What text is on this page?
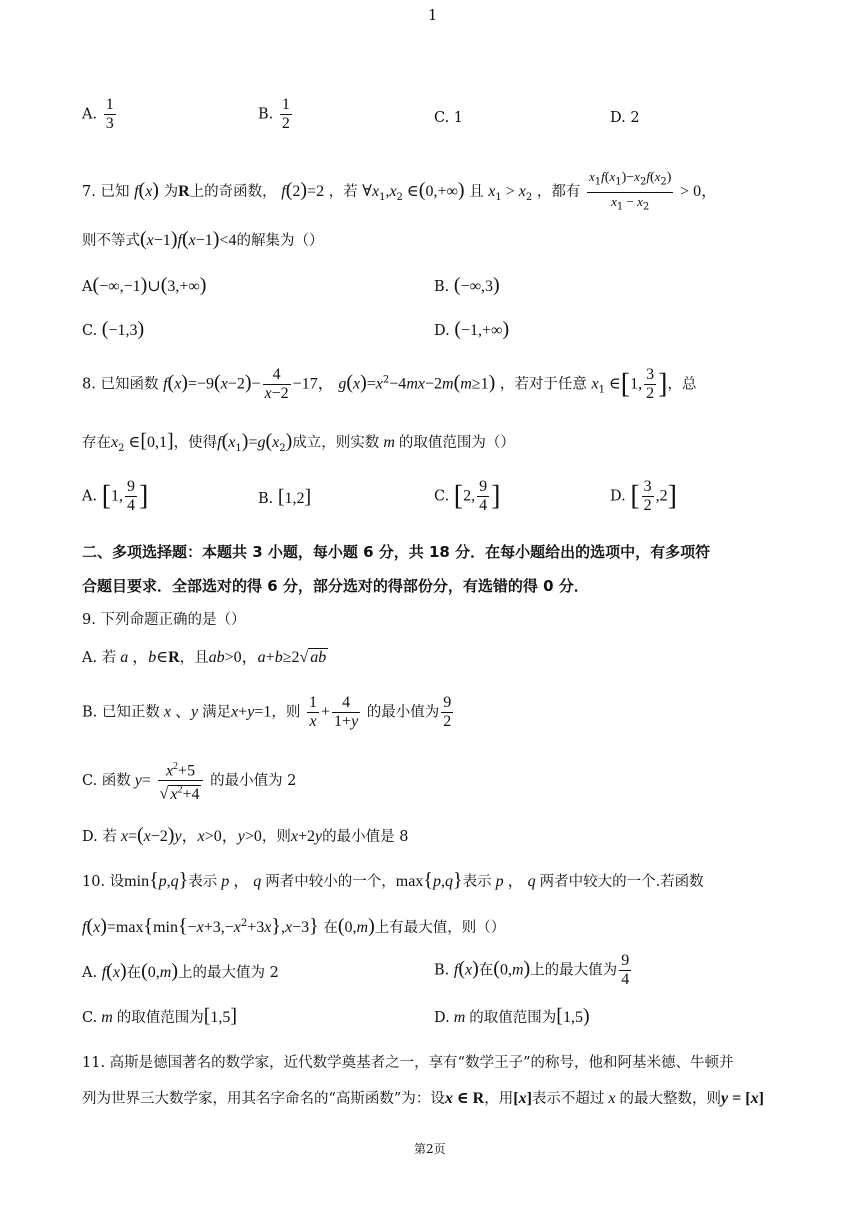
1
A. $\frac{1}{3}$	B. $\frac{1}{2}$	C. 1	D. 2
7. 已知 f(x) 为R上的奇函数， f(2)=2 ，若 $\forall x_1,x_2$ ∈(0,+∞) 且 $x_1 > x_2$ ，都有 $\frac{x_1f(x_1)-x_2f(x_2)}{x_1 - x_2} > 0$，
则不等式(x−1)f(x−1)<4的解集为（）
A(−∞,−1)∪(3,+∞)	B. (−∞,3)
C. (−1,3)	D. (−1,+∞)
8. 已知函数 $f(x)=-9(x-2)- \frac{4}{x-2} -17$， $g(x)=x^2-4mx-2m(m\ge 1)$ ，若对于任意 $x_1$ ∈[1, $\frac{3}{2}$ ]，总
存在$x_2$ ∈[0,1]，使得$f(x_1)=g(x_2)$成立，则实数 m 的取值范围为（）
A. [1, $\frac{9}{4}$ ]	B. [1,2]	C. [2, $\frac{9}{4}$ ]	D. [ $\frac{3}{2} ,2$]
二、多项选择题：本题共 3 小题，每小题 6 分，共 18 分．在每小题给出的选项中，有多项符
合题目要求．全部选对的得 6 分，部分选对的得部份分，有选错的得 0 分．
9. 下列命题正确的是（）
A. 若 a ，b∈R，且ab>0，a+b≥2√ ab
B. 已知正数 x 、y 满足x+y=1，则 $\frac{1}{x} + \frac{4}{1+y}$ 的最小值为 $\frac{9}{2}$
C. 函数 $y= \frac{x^2+5}{√ x^2+4}$ 的最小值为 2
D. 若 x=(x−2)y，x>0，y>0，则x+2y的最小值是 8
10. 设min{p,q}表示 p ， q 两者中较小的一个，max{p,q}表示 p ， q 两者中较大的一个.若函数
$f(x)=\max\{\min\{-x+3,-x^2+3x\},x-3\}$ 在(0,m)上有最大值，则（）
A. f(x)在(0,m)上的最大值为 2	B. f(x)在(0,m)上的最大值为 $\frac{9}{4}$
C. m 的取值范围为[1,5]	D. m 的取值范围为[1,5)
11. 高斯是德国著名的数学家，近代数学奠基者之一，享有“数学王子”的称号，他和阿基米德、牛顿并
列为世界三大数学家，用其名字命名的“高斯函数”为：设x ∈ R，用[x]表示不超过 x 的最大整数，则y = [x]
第2页
